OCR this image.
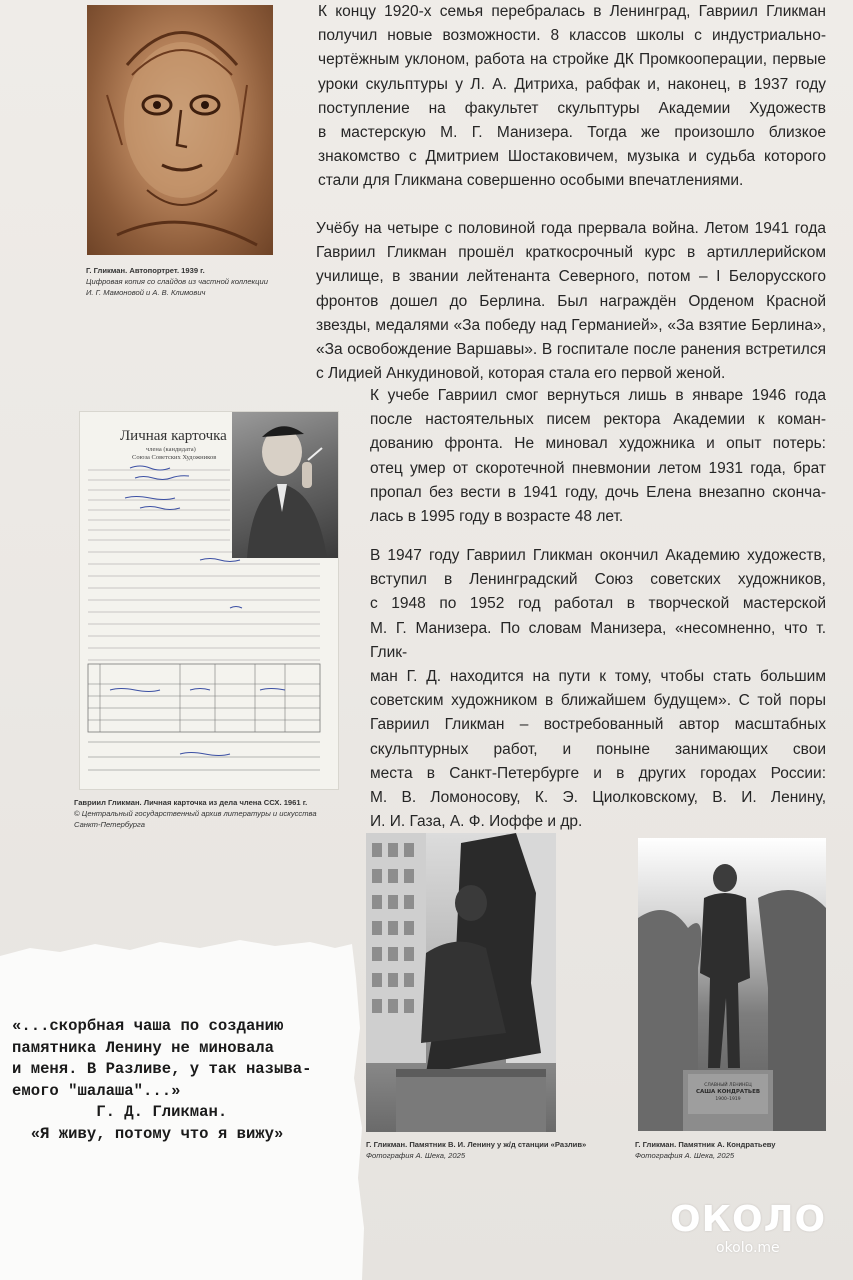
Г. Гликман. Автопортрет. 1939 г.
Цифровая копия со слайдов из частной коллекции
И. Г. Мамоновой и А. В. Климович
К концу 1920-х семья перебралась в Ленинград, Гавриил Гликман
получил новые возможности. 8 классов школы с индустриально-
чертёжным уклоном, работа на стройке ДК Промкооперации, первые
уроки скульптуры у Л. А. Дитриха, рабфак и, наконец, в 1937 году
поступление на факультет скульптуры Академии Художеств
в мастерскую М. Г. Манизера. Тогда же произошло близкое
знакомство с Дмитрием Шостаковичем, музыка и судьба которого
стали для Гликмана совершенно особыми впечатлениями.
Учёбу на четыре с половиной года прервала война. Летом 1941 года
Гавриил Гликман прошёл краткосрочный курс в артиллерийском
училище, в звании лейтенанта Северного, потом – I Белорусского
фронтов дошел до Берлина. Был награждён Орденом Красной
звезды, медалями «За победу над Германией», «За взятие Берлина»,
«За освобождение Варшавы». В госпитале после ранения встретился
с Лидией Анкудиновой, которая стала его первой женой.
Личная карточка
члена (кандидата)
Союза Советских Художников
Гавриил Гликман. Личная карточка из дела члена ССХ. 1961 г.
© Центральный государственный архив литературы и искусства
Санкт-Петербурга
К учебе Гавриил смог вернуться лишь в январе 1946 года
после настоятельных писем ректора Академии к коман-
дованию фронта. Не миновал художника и опыт потерь:
отец умер от скоротечной пневмонии летом 1931 года, брат
пропал без вести в 1941 году, дочь Елена внезапно скончa-
лась в 1995 году в возрасте 48 лет.
В 1947 году Гавриил Гликман окончил Академию художеств,
вступил в Ленинградский Союз советских художников,
с 1948 по 1952 год работал в творческой мастерской
М. Г. Манизера. По словам Манизера, «несомненно, что т. Глик-
ман Г. Д. находится на пути к тому, чтобы стать большим
советским художником в ближайшем будущем». С той поры
Гавриил Гликман – востребованный автор масштабных
скульптурных работ, и поныне занимающих свои
места в Санкт-Петербурге и в других городах России:
М. В. Ломоносову, К. Э. Циолковскому, В. И. Ленину,
И. И. Газа, А. Ф. Иоффе и др.
Г. Гликман. Памятник В. И. Ленину у ж/д станции «Разлив»
Фотография А. Шека, 2025
СЛАВНЫЙ ЛЕНИНЕЦ
САША КОНДРАТЬЕВ
1900–1919
Г. Гликман. Памятник А. Кондратьеву
Фотография А. Шека, 2025
«...скорбная чаша по созданию
памятника Ленину не миновала
и меня. В Разливе, у так называ-
емого "шалаша"...»
Г. Д. Гликман.
«Я живу, потому что я вижу»
ОКОЛО
okolo.me
